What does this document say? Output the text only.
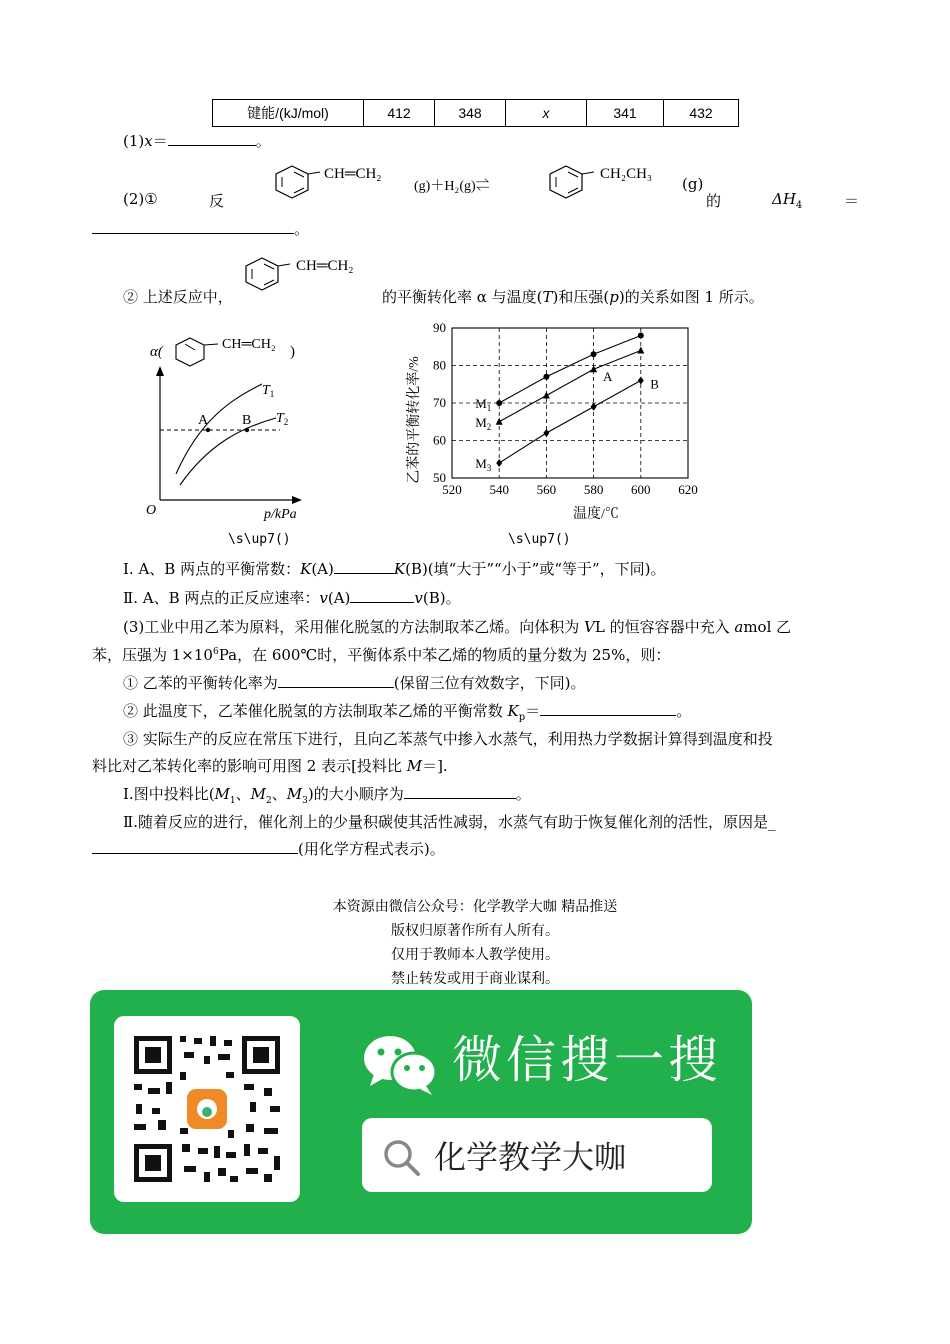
键能/(kJ/mol)	412	348	x	341	432
(1)x＝	。
(2)①	反
CH═CH₂
(g)＋H₂(g)⇌
CH₂CH₃
(g)
的	$\Delta H_4$	＝
。
② 上述反应中，
CH═CH₂
的平衡转化率 α 与温度(T)和压强(p)的关系如图 1 所示。
α(	CH═CH₂ )
A B
$T_1$
$T_2$
O	p/kPa
\s\up7()
$M_1$
$M_2$
$M_3$
A	B
520 540 560 580 600 620
50
60
70
80
90
温度/℃
乙苯的平衡转化率/%
\s\up7()
Ⅰ. A、B 两点的平衡常数：K(A)	K(B)(填“大于”“小于”或“等于”，下同)。
Ⅱ. A、B 两点的正反应速率：v(A)	v(B)。
(3)工业中用乙苯为原料，采用催化脱氢的方法制取苯乙烯。向体积为 VL 的恒容容器中充入 amol 乙
苯，压强为 $1\times 10^6Pa$，在 600℃时，平衡体系中苯乙烯的物质的量分数为 25%，则：
① 乙苯的平衡转化率为	(保留三位有效数字，下同)。
② 此温度下，乙苯催化脱氢的方法制取苯乙烯的平衡常数 $K_p=$	。
③ 实际生产的反应在常压下进行，且向乙苯蒸气中掺入水蒸气，利用热力学数据计算得到温度和投
料比对乙苯转化率的影响可用图 2 表示[投料比 M＝].
Ⅰ.图中投料比($M_1$、$M_2$、$M_3$)的大小顺序为	。
Ⅱ.随着反应的进行，催化剂上的少量积碳使其活性减弱，水蒸气有助于恢复催化剂的活性，原因是_
(用化学方程式表示)。
本资源由微信公众号：化学教学大咖 精品推送
版权归原著作所有人所有。
仅用于教师本人教学使用。
禁止转发或用于商业谋利。
微信搜一搜
化学教学大咖
